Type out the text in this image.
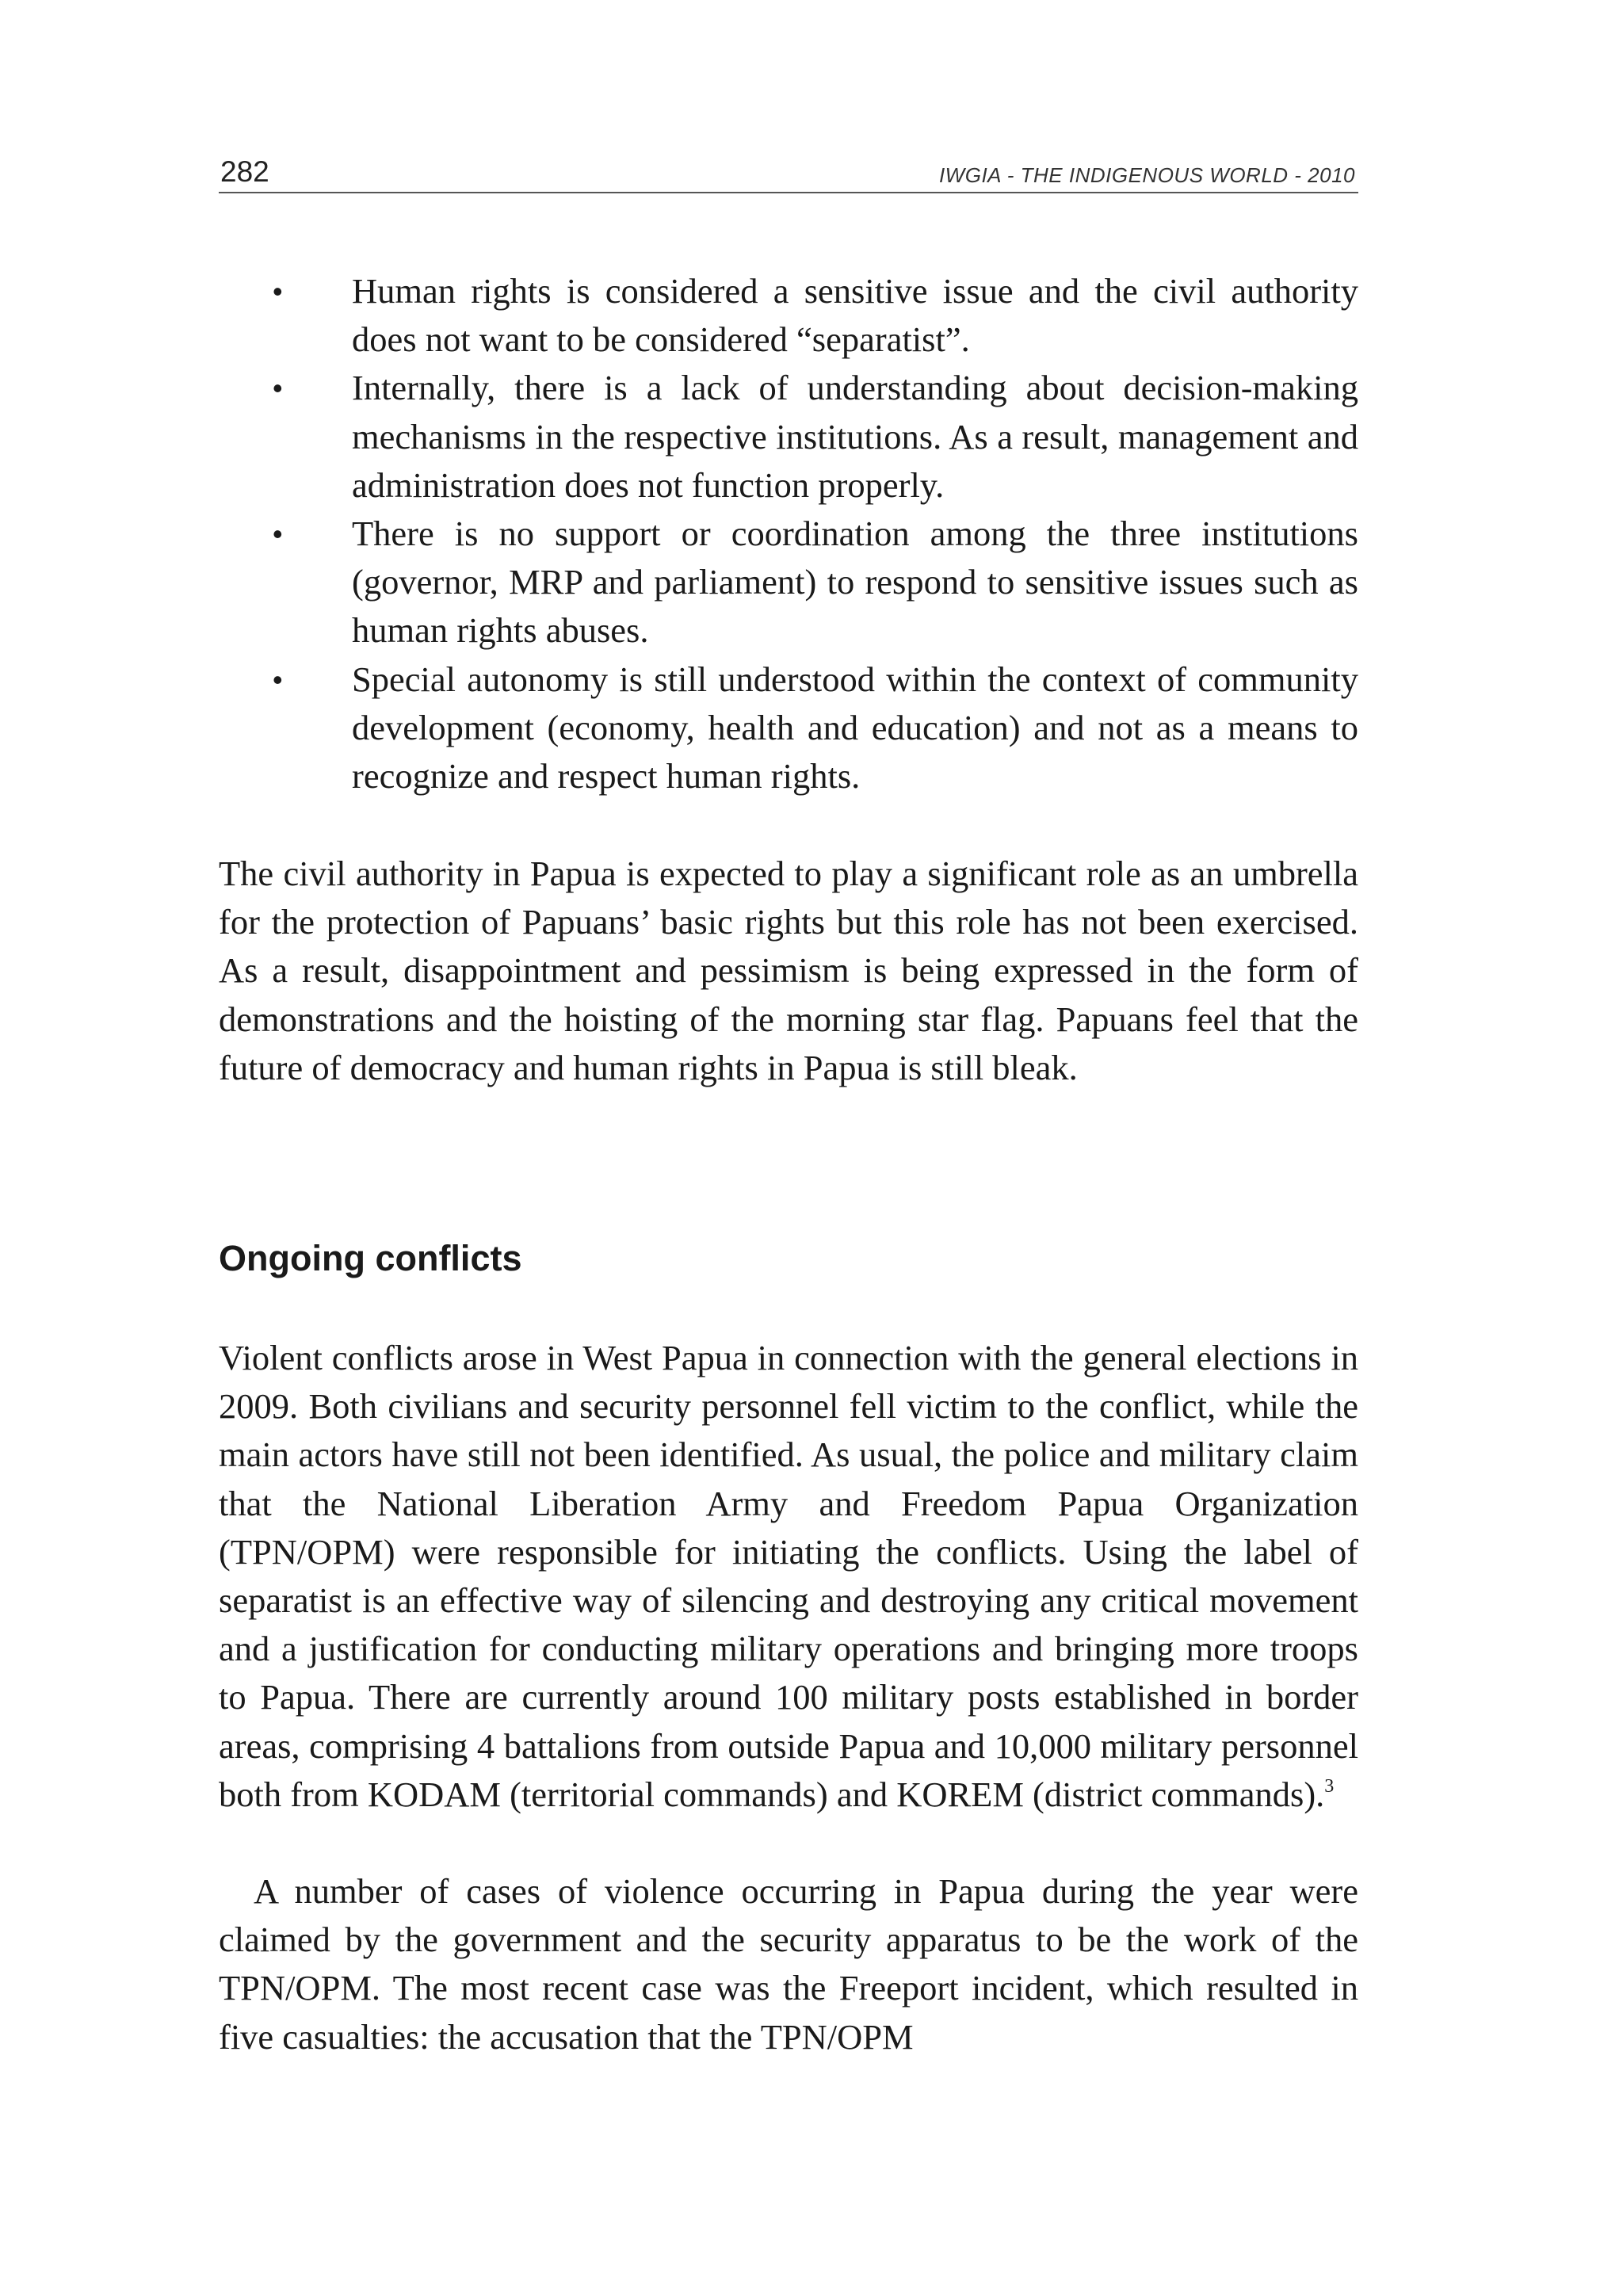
282	IWGIA - THE INDIGENOUS WORLD - 2010
• Human rights is considered a sensitive issue and the civil authority does not want to be considered “separatist”.
• Internally, there is a lack of understanding about decision-making mechanisms in the respective institutions. As a result, management and administration does not function properly.
• There is no support or coordination among the three institutions (governor, MRP and parliament) to respond to sensitive issues such as human rights abuses.
• Special autonomy is still understood within the context of community development (economy, health and education) and not as a means to recognize and respect human rights.

The civil authority in Papua is expected to play a significant role as an umbrella for the protection of Papuans’ basic rights but this role has not been exercised. As a result, disappointment and pessimism is being expressed in the form of demonstrations and the hoisting of the morning star flag. Papuans feel that the future of democracy and human rights in Papua is still bleak.

Ongoing conflicts

Violent conflicts arose in West Papua in connection with the general elections in 2009. Both civilians and security personnel fell victim to the conflict, while the main actors have still not been identified. As usual, the police and military claim that the National Liberation Army and Freedom Papua Organization (TPN/OPM) were responsible for initiating the conflicts. Using the label of separatist is an effective way of silencing and destroying any critical movement and a justification for conducting military operations and bringing more troops to Papua. There are currently around 100 military posts established in border areas, comprising 4 battalions from outside Papua and 10,000 military personnel both from KODAM (territorial commands) and KOREM (district commands).$^3$

A number of cases of violence occurring in Papua during the year were claimed by the government and the security apparatus to be the work of the TPN/OPM. The most recent case was the Freeport incident, which resulted in five casualties: the accusation that the TPN/OPM
